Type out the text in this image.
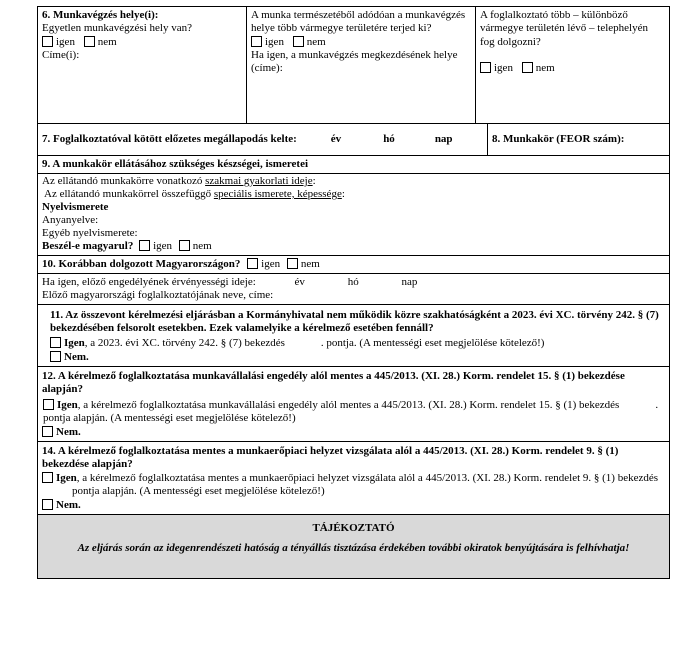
6. Munkavégzés helye(i):
Egyetlen munkavégzési hely van?
igen nem
Címe(i):
A munka természetéből adódóan a munkavégzés helye több vármegye területére terjed ki?
igen nem
Ha igen, a munkavégzés megkezdésének helye (címe):
A foglalkoztató több – különböző vármegye területén lévő – telephelyén fog dolgozni?
igen nem
7. Foglalkoztatóval kötött előzetes megállapodás kelte:	év	hó	nap	8. Munkakör (FEOR szám):
9. A munkakör ellátásához szükséges készségei, ismeretei
Az ellátandó munkakörre vonatkozó szakmai gyakorlati ideje:
Az ellátandó munkakörrel összefüggő speciális ismerete, képessége:
Nyelvismerete
Anyanyelve:
Egyéb nyelvismerete:
Beszél-e magyarul? igen nem
10. Korábban dolgozott Magyarországon? igen nem
Ha igen, előző engedélyének érvényességi ideje:	év	hó	nap
Előző magyarországi foglalkoztatójának neve, címe:
11. Az összevont kérelmezési eljárásban a Kormányhivatal nem működik közre szakhatóságként a 2023. évi XC. törvény 242. § (7) bekezdésében felsorolt esetekben. Ezek valamelyike a kérelmező esetében fennáll?
Igen, a 2023. évi XC. törvény 242. § (7) bekezdés	. pontja. (A mentességi eset megjelölése kötelező!)
Nem.
12. A kérelmező foglalkoztatása munkavállalási engedély alól mentes a 445/2013. (XI. 28.) Korm. rendelet 15. § (1) bekezdése alapján?
Igen, a kérelmező foglalkoztatása munkavállalási engedély alól mentes a 445/2013. (XI. 28.) Korm. rendelet 15. § (1) bekezdés	. pontja alapján. (A mentességi eset megjelölése kötelező!)
Nem.
14. A kérelmező foglalkoztatása mentes a munkaerőpiaci helyzet vizsgálata alól a 445/2013. (XI. 28.) Korm. rendelet 9. § (1) bekezdése alapján?
Igen, a kérelmező foglalkoztatása mentes a munkaerőpiaci helyzet vizsgálata alól a 445/2013. (XI. 28.) Korm. rendelet 9. § (1) bekezdéspontja alapján. (A mentességi eset megjelölése kötelező!)
Nem.
TÁJÉKOZTATÓ
Az eljárás során az idegenrendészeti hatóság a tényállás tisztázása érdekében további okiratok benyújtására is felhívhatja!
